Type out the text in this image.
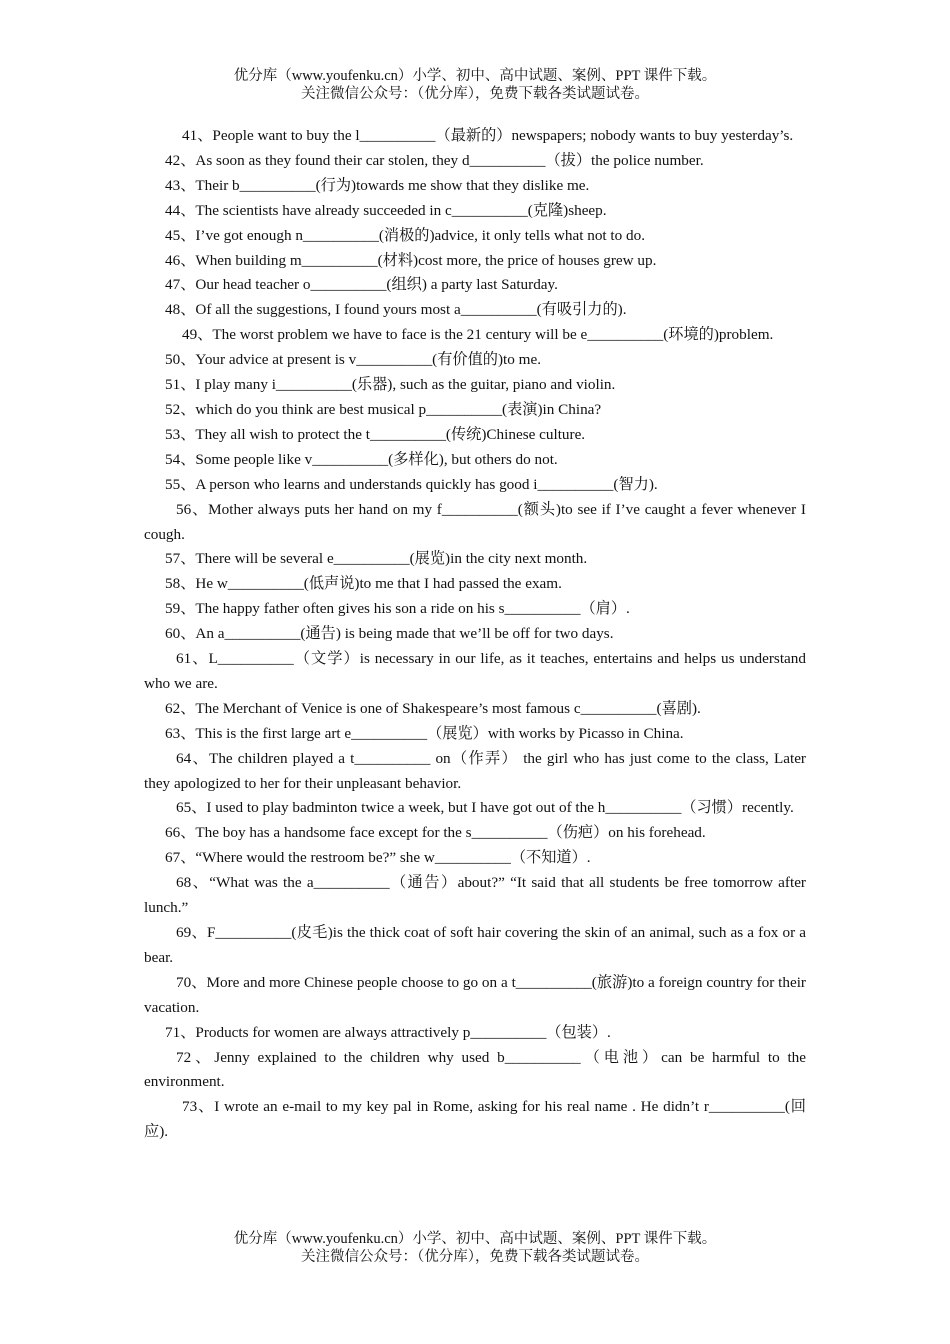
优分库（www.youfenku.cn）小学、初中、高中试题、案例、PPT 课件下载。
关注微信公众号：（优分库），免费下载各类试题试卷。
41、People want to buy the l__________（最新的）newspapers; nobody wants to buy yesterday’s.
42、As soon as they found their car stolen, they d__________（拔）the police number.
43、Their b__________(行为)towards me show that they dislike me.
44、The scientists have already succeeded in c__________(克隆)sheep.
45、I’ve got enough n__________(消极的)advice, it only tells what not to do.
46、When building m__________(材料)cost more, the price of houses grew up.
47、Our head teacher o__________(组织) a party last Saturday.
48、Of all the suggestions, I found yours most a__________(有吸引力的).
49、The worst problem we have to face is the 21 century will be e__________(环境的)problem.
50、Your advice at present is v__________(有价值的)to me.
51、I play many i__________(乐器), such as the guitar, piano and violin.
52、which do you think are best musical p__________(表演)in China?
53、They all wish to protect the t__________(传统)Chinese culture.
54、Some people like v__________(多样化), but others do not.
55、A person who learns and understands quickly has good i__________(智力).
56、Mother always puts her hand on my f__________(额头)to see if I’ve caught a fever whenever I cough.
57、There will be several e__________(展览)in the city next month.
58、He w__________(低声说)to me that I had passed the exam.
59、The happy father often gives his son a ride on his s__________（肩）.
60、An a__________(通告) is being made that we’ll be off for two days.
61、L__________（文学）is necessary in our life, as it teaches, entertains and helps us understand who we are.
62、The Merchant of Venice is one of Shakespeare’s most famous c__________(喜剧).
63、This is the first large art e__________（展览）with works by Picasso in China.
64、The children played a t__________ on（作弄） the girl who has just come to the class, Later they apologized to her for their unpleasant behavior.
65、I used to play badminton twice a week, but I have got out of the h__________（习惯）recently.
66、The boy has a handsome face except for the s__________（伤疤）on his forehead.
67、“Where would the restroom be?” she w__________（不知道）.
68、“What was the a__________（通告）about?” “It said that all students be free tomorrow after lunch.”
69、F__________(皮毛)is the thick coat of soft hair covering the skin of an animal, such as a fox or a bear.
70、More and more Chinese people choose to go on a t__________(旅游)to a foreign country for their vacation.
71、Products for women are always attractively p__________（包装）.
72、Jenny explained to the children why used b__________（电池）can be harmful to the environment.
73、I wrote an e-mail to my key pal in Rome, asking for his real name . He didn’t r__________(回应).
优分库（www.youfenku.cn）小学、初中、高中试题、案例、PPT 课件下载。
关注微信公众号：（优分库），免费下载各类试题试卷。
